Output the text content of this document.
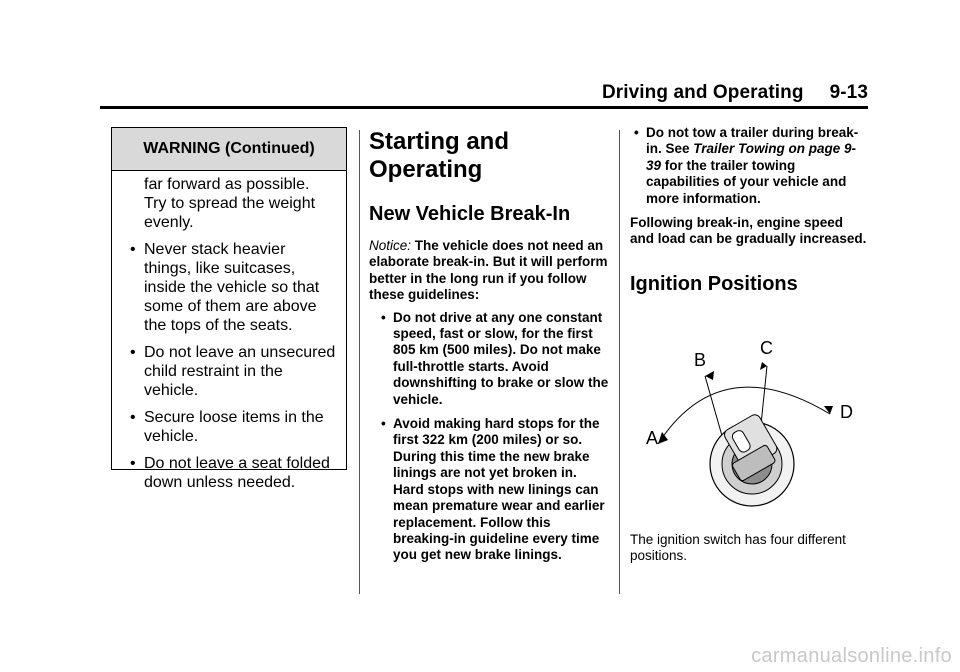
Driving and Operating 9-13
WARNING (Continued)

far forward as possible. Try to spread the weight evenly.

• Never stack heavier things, like suitcases, inside the vehicle so that some of them are above the tops of the seats.
• Do not leave an unsecured child restraint in the vehicle.
• Secure loose items in the vehicle.
• Do not leave a seat folded down unless needed.
Starting and Operating
New Vehicle Break-In
Notice: The vehicle does not need an elaborate break-in. But it will perform better in the long run if you follow these guidelines:
• Do not drive at any one constant speed, fast or slow, for the first 805 km (500 miles). Do not make full-throttle starts. Avoid downshifting to brake or slow the vehicle.
• Avoid making hard stops for the first 322 km (200 miles) or so. During this time the new brake linings are not yet broken in. Hard stops with new linings can mean premature wear and earlier replacement. Follow this breaking-in guideline every time you get new brake linings.
• Do not tow a trailer during break-in. See Trailer Towing on page 9-39 for the trailer towing capabilities of your vehicle and more information.
Following break-in, engine speed and load can be gradually increased.
Ignition Positions
A
B
C
D
The ignition switch has four different positions.
carmanualsonline.info
